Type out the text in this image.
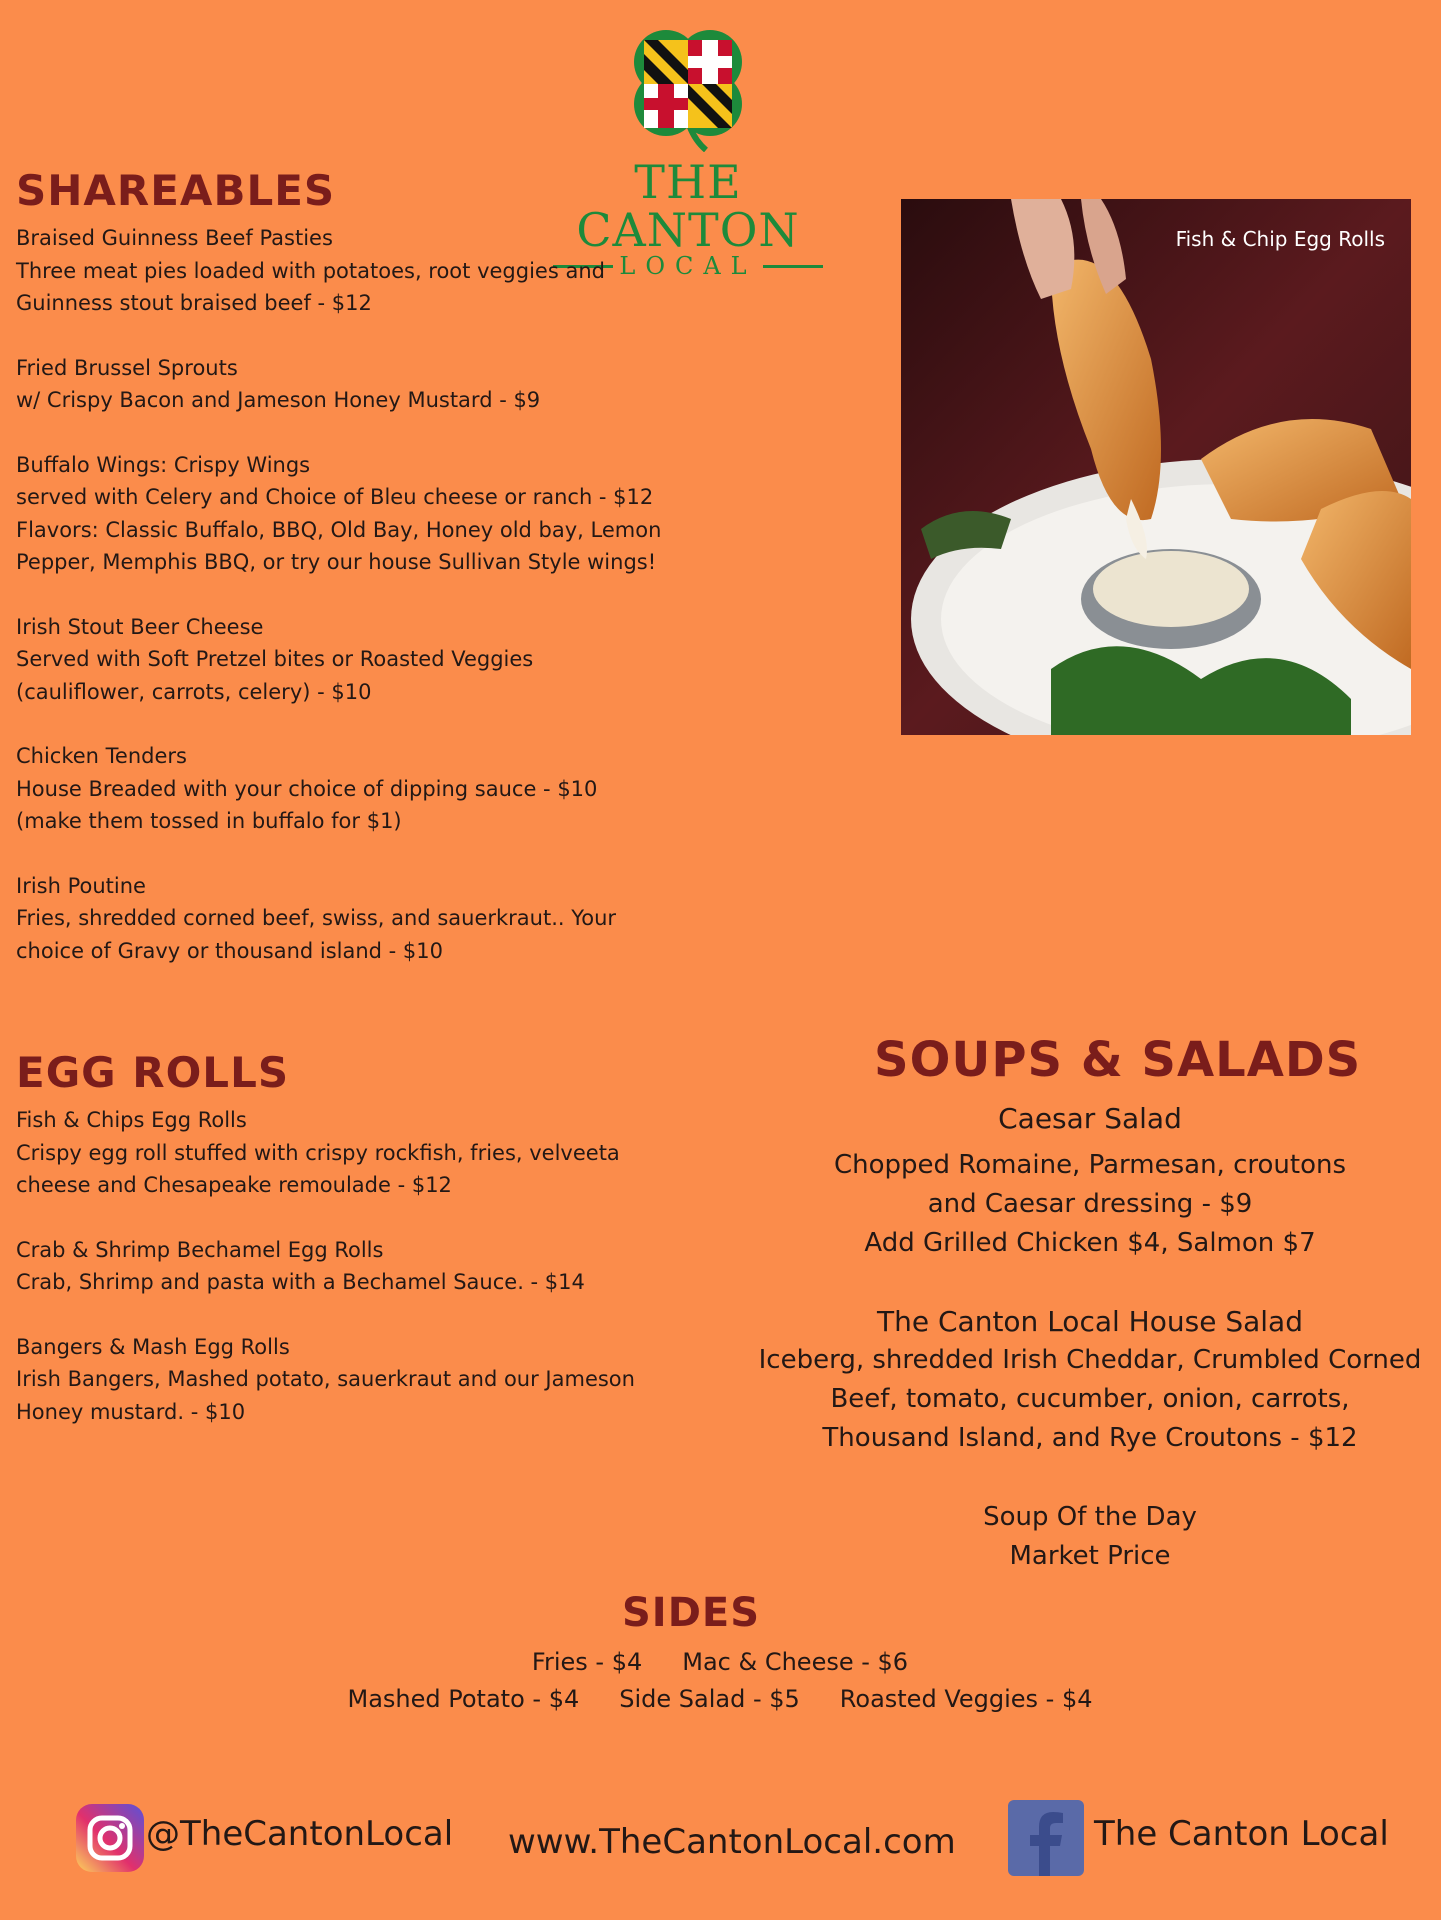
THE CANTON
LOCAL
SHAREABLES
Braised Guinness Beef Pasties
Three meat pies loaded with potatoes, root veggies and
Guinness stout braised beef - $12
Fried Brussel Sprouts
w/ Crispy Bacon and Jameson Honey Mustard - $9
Buffalo Wings: Crispy Wings
served with Celery and Choice of Bleu cheese or ranch - $12
Flavors: Classic Buffalo, BBQ, Old Bay, Honey old bay, Lemon
Pepper, Memphis BBQ, or try our house Sullivan Style wings!
Irish Stout Beer Cheese
Served with Soft Pretzel bites or Roasted Veggies
(cauliflower, carrots, celery) - $10
Chicken Tenders
House Breaded with your choice of dipping sauce - $10
(make them tossed in buffalo for $1)
Irish Poutine
Fries, shredded corned beef, swiss, and sauerkraut.. Your
choice of Gravy or thousand island - $10
Fish & Chip Egg Rolls
EGG ROLLS
Fish & Chips Egg Rolls
Crispy egg roll stuffed with crispy rockfish, fries, velveeta
cheese and Chesapeake remoulade - $12
Crab & Shrimp Bechamel Egg Rolls
Crab, Shrimp and pasta with a Bechamel Sauce. - $14
Bangers & Mash Egg Rolls
Irish Bangers, Mashed potato, sauerkraut and our Jameson
Honey mustard. - $10
SOUPS & SALADS
Caesar Salad
Chopped Romaine, Parmesan, croutons
and Caesar dressing - $9
Add Grilled Chicken $4, Salmon $7
The Canton Local House Salad
Iceberg, shredded Irish Cheddar, Crumbled Corned
Beef, tomato, cucumber, onion, carrots,
Thousand Island, and Rye Croutons - $12
Soup Of the Day
Market Price
SIDES
Fries - $4 Mac & Cheese - $6
Mashed Potato - $4 Side Salad - $5 Roasted Veggies - $4
@TheCantonLocal www.TheCantonLocal.com	The Canton Local
